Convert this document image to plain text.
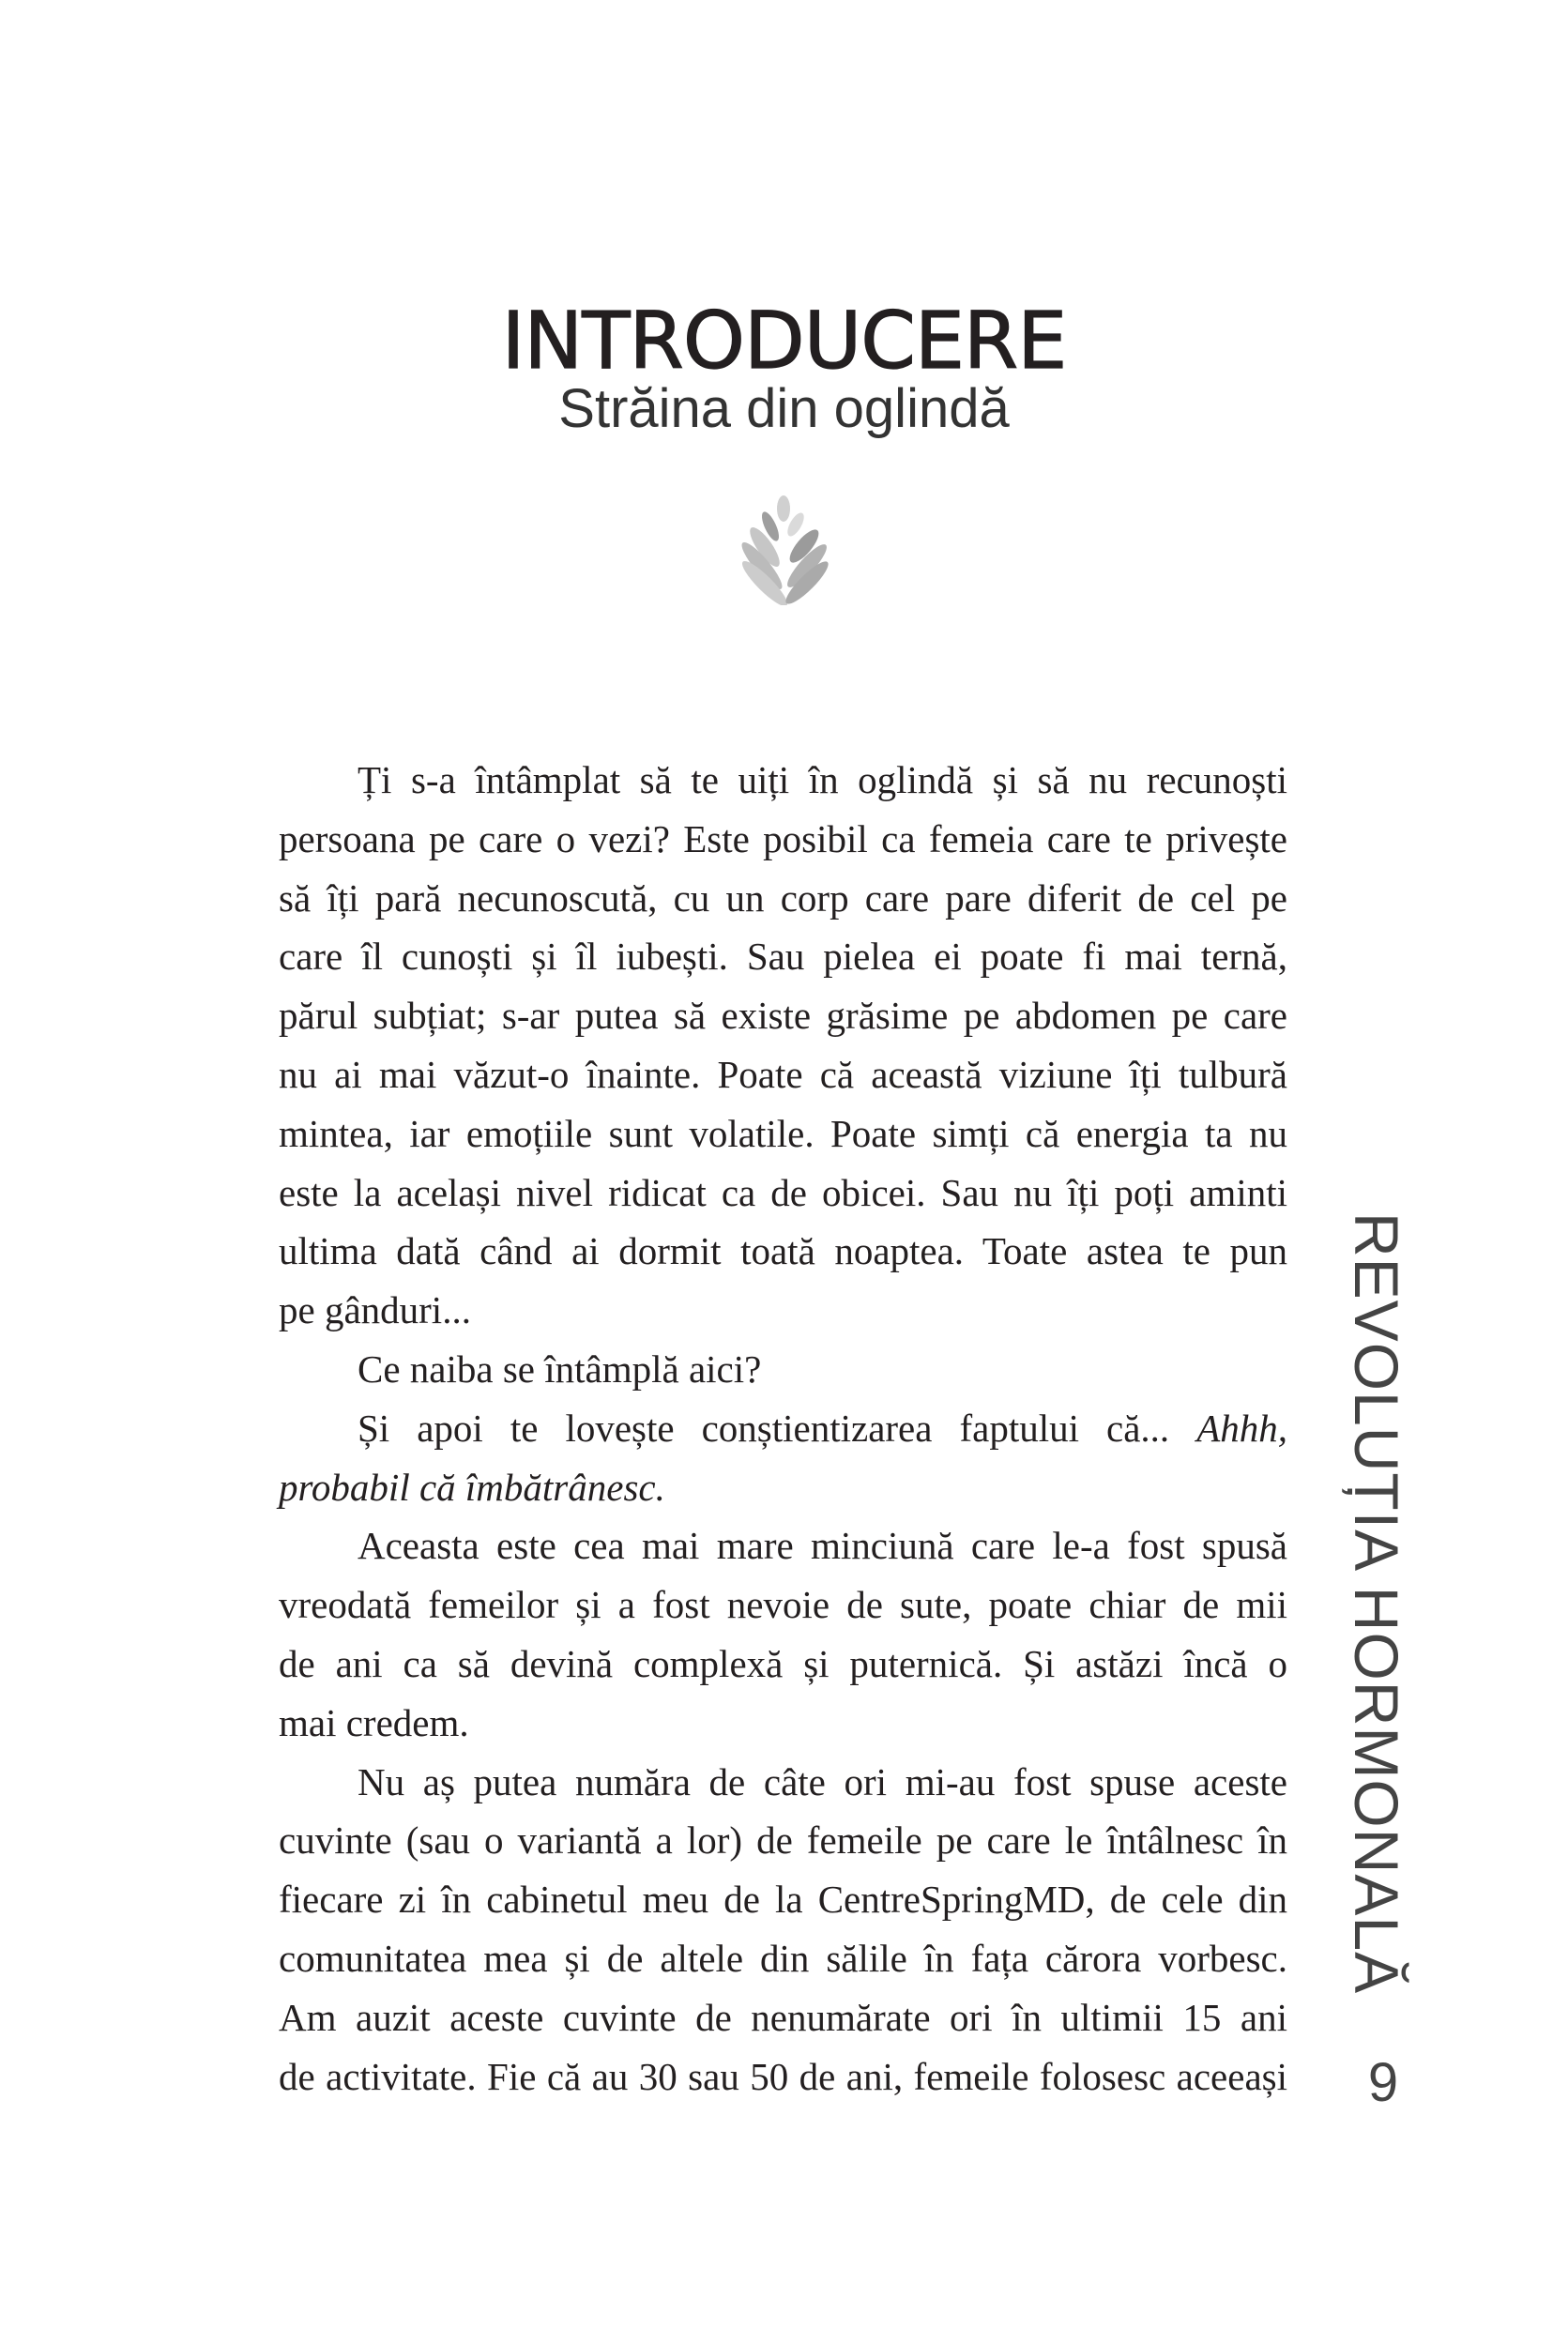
INTRODUCERE
Străina din oglindă
Ți s-a întâmplat să te uiți în oglindă și să nu recunoști
persoana pe care o vezi? Este posibil ca femeia care te privește
să îți pară necunoscută, cu un corp care pare diferit de cel pe
care îl cunoști și îl iubești. Sau pielea ei poate fi mai ternă,
părul subțiat; s-ar putea să existe grăsime pe abdomen pe care
nu ai mai văzut-o înainte. Poate că această viziune îți tulbură
mintea, iar emoțiile sunt volatile. Poate simți că energia ta nu
este la același nivel ridicat ca de obicei. Sau nu îți poți aminti
ultima dată când ai dormit toată noaptea. Toate astea te pun
pe gânduri...
Ce naiba se întâmplă aici?
Și apoi te lovește conștientizarea faptului că... Ahhh,
probabil că îmbătrânesc.
Aceasta este cea mai mare minciună care le-a fost spusă
vreodată femeilor și a fost nevoie de sute, poate chiar de mii
de ani ca să devină complexă și puternică. Și astăzi încă o
mai credem.
Nu aș putea număra de câte ori mi-au fost spuse aceste
cuvinte (sau o variantă a lor) de femeile pe care le întâlnesc în
fiecare zi în cabinetul meu de la CentreSpringMD, de cele din
comunitatea mea și de altele din sălile în fața cărora vorbesc.
Am auzit aceste cuvinte de nenumărate ori în ultimii 15 ani
de activitate. Fie că au 30 sau 50 de ani, femeile folosesc aceeași
REVOLUȚIA HORMONALĂ
9
